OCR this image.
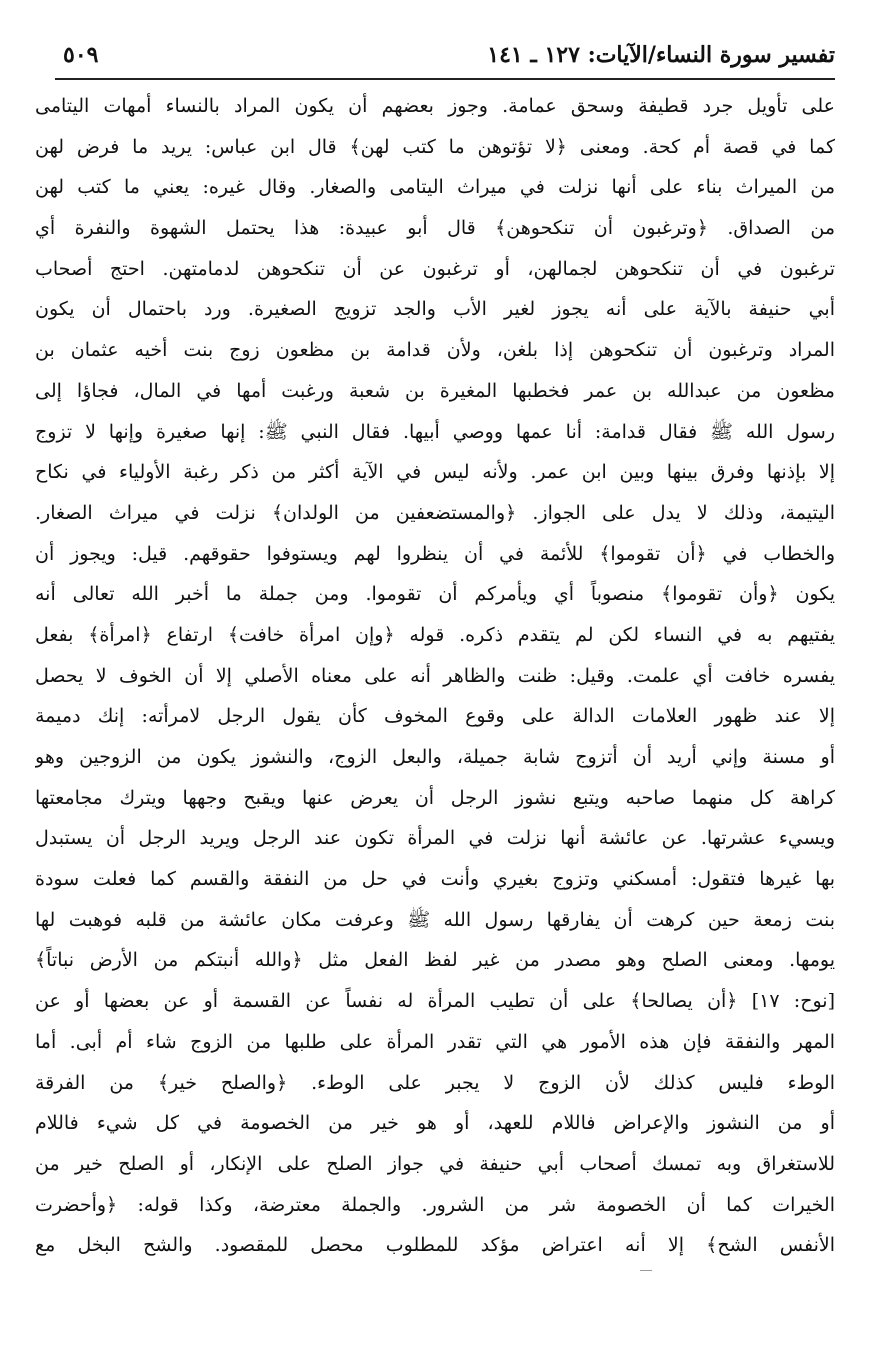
تفسير سورة النساء/الآيات: ١٢٧ ـ ١٤١
٥٠٩
على تأويل جرد قطيفة وسحق عمامة. وجوز بعضهم أن يكون المراد بالنساء أمهات اليتامى
كما في قصة أم كحة. ومعنى ﴿لا تؤتوهن ما كتب لهن﴾ قال ابن عباس: يريد ما فرض لهن
من الميراث بناء على أنها نزلت في ميراث اليتامى والصغار. وقال غيره: يعني ما كتب لهن
من الصداق. ﴿وترغبون أن تنكحوهن﴾ قال أبو عبيدة: هذا يحتمل الشهوة والنفرة أي
ترغبون في أن تنكحوهن لجمالهن، أو ترغبون عن أن تنكحوهن لدمامتهن. احتج أصحاب
أبي حنيفة بالآية على أنه يجوز لغير الأب والجد تزويج الصغيرة. ورد باحتمال أن يكون
المراد وترغبون أن تنكحوهن إذا بلغن، ولأن قدامة بن مظعون زوج بنت أخيه عثمان بن
مظعون من عبدالله بن عمر فخطبها المغيرة بن شعبة ورغبت أمها في المال، فجاؤا إلى
رسول الله ﷺ فقال قدامة: أنا عمها ووصي أبيها. فقال النبي ﷺ: إنها صغيرة وإنها لا تزوج
إلا بإذنها وفرق بينها وبين ابن عمر. ولأنه ليس في الآية أكثر من ذكر رغبة الأولياء في نكاح
اليتيمة، وذلك لا يدل على الجواز. ﴿والمستضعفين من الولدان﴾ نزلت في ميراث الصغار.
والخطاب في ﴿أن تقوموا﴾ للأئمة في أن ينظروا لهم ويستوفوا حقوقهم. قيل: ويجوز أن
يكون ﴿وأن تقوموا﴾ منصوباً أي ويأمركم أن تقوموا. ومن جملة ما أخبر الله تعالى أنه
يفتيهم به في النساء لكن لم يتقدم ذكره. قوله ﴿وإن امرأة خافت﴾ ارتفاع ﴿امرأة﴾ بفعل
يفسره خافت أي علمت. وقيل: ظنت والظاهر أنه على معناه الأصلي إلا أن الخوف لا يحصل
إلا عند ظهور العلامات الدالة على وقوع المخوف كأن يقول الرجل لامرأته: إنك دميمة
أو مسنة وإني أريد أن أتزوج شابة جميلة، والبعل الزوج، والنشوز يكون من الزوجين وهو
كراهة كل منهما صاحبه ويتبع نشوز الرجل أن يعرض عنها ويقبح وجهها ويترك مجامعتها
ويسيء عشرتها. عن عائشة أنها نزلت في المرأة تكون عند الرجل ويريد الرجل أن يستبدل
بها غيرها فتقول: أمسكني وتزوج بغيري وأنت في حل من النفقة والقسم كما فعلت سودة
بنت زمعة حين كرهت أن يفارقها رسول الله ﷺ وعرفت مكان عائشة من قلبه فوهبت لها
يومها. ومعنى الصلح وهو مصدر من غير لفظ الفعل مثل ﴿والله أنبتكم من الأرض نباتاً﴾
[نوح: ١٧] ﴿أن يصالحا﴾ على أن تطيب المرأة له نفساً عن القسمة أو عن بعضها أو عن
المهر والنفقة فإن هذه الأمور هي التي تقدر المرأة على طلبها من الزوج شاء أم أبى. أما
الوطء فليس كذلك لأن الزوج لا يجبر على الوطء. ﴿والصلح خير﴾ من الفرقة
أو من النشوز والإعراض فاللام للعهد، أو هو خير من الخصومة في كل شيء فاللام
للاستغراق وبه تمسك أصحاب أبي حنيفة في جواز الصلح على الإنكار، أو الصلح خير من
الخيرات كما أن الخصومة شر من الشرور. والجملة معترضة، وكذا قوله: ﴿وأحضرت
الأنفس الشح﴾ إلا أنه اعتراض مؤكد للمطلوب محصل للمقصود. والشح البخل مع
